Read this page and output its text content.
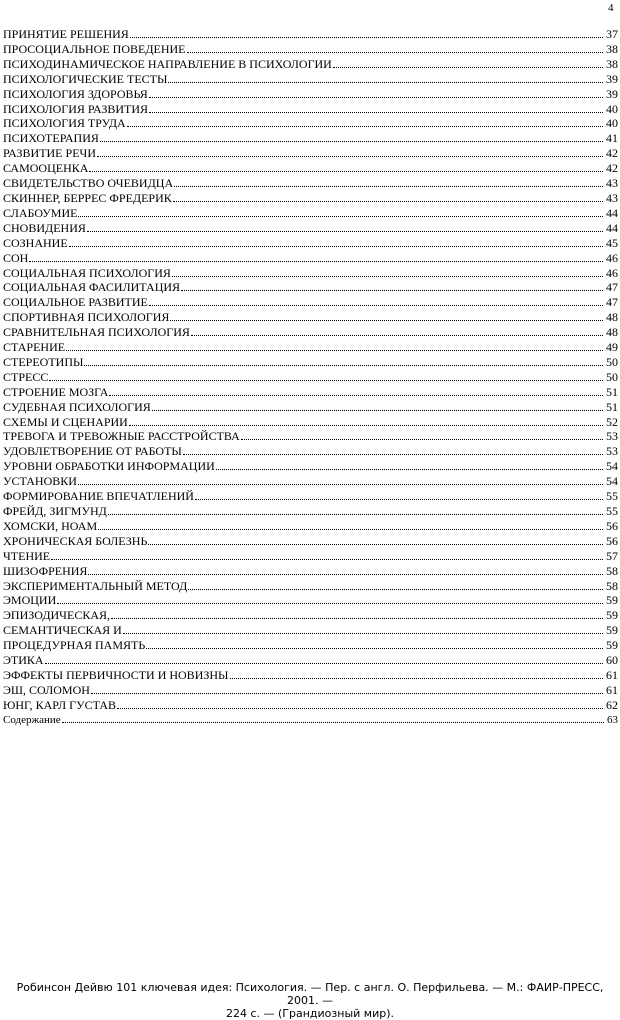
4
ПРИНЯТИЕ РЕШЕНИЯ	37
ПРОСОЦИАЛЬНОЕ ПОВЕДЕНИЕ	38
ПСИХОДИНАМИЧЕСКОЕ НАПРАВЛЕНИЕ В ПСИХОЛОГИИ	38
ПСИХОЛОГИЧЕСКИЕ ТЕСТЫ	39
ПСИХОЛОГИЯ ЗДОРОВЬЯ	39
ПСИХОЛОГИЯ РАЗВИТИЯ	40
ПСИХОЛОГИЯ ТРУДА	40
ПСИХОТЕРАПИЯ	41
РАЗВИТИЕ РЕЧИ	42
САМООЦЕНКА	42
СВИДЕТЕЛЬСТВО ОЧЕВИДЦА	43
СКИННЕР, БЕРРЕС ФРЕДЕРИК	43
СЛАБОУМИЕ	44
СНОВИДЕНИЯ	44
СОЗНАНИЕ	45
СОН	46
СОЦИАЛЬНАЯ ПСИХОЛОГИЯ	46
СОЦИАЛЬНАЯ ФАСИЛИТАЦИЯ	47
СОЦИАЛЬНОЕ РАЗВИТИЕ	47
СПОРТИВНАЯ ПСИХОЛОГИЯ	48
СРАВНИТЕЛЬНАЯ ПСИХОЛОГИЯ	48
СТАРЕНИЕ	49
СТЕРЕОТИПЫ	50
СТРЕСС	50
СТРОЕНИЕ МОЗГА	51
СУДЕБНАЯ ПСИХОЛОГИЯ	51
СХЕМЫ И СЦЕНАРИИ	52
ТРЕВОГА И ТРЕВОЖНЫЕ РАССТРОЙСТВА	53
УДОВЛЕТВОРЕНИЕ ОТ РАБОТЫ	53
УРОВНИ ОБРАБОТКИ ИНФОРМАЦИИ	54
УСТАНОВКИ	54
ФОРМИРОВАНИЕ ВПЕЧАТЛЕНИЙ	55
ФРЕЙД, ЗИГМУНД	55
ХОМСКИ, НОАМ	56
ХРОНИЧЕСКАЯ БОЛЕЗНЬ	56
ЧТЕНИЕ	57
ШИЗОФРЕНИЯ	58
ЭКСПЕРИМЕНТАЛЬНЫЙ МЕТОД	58
ЭМОЦИИ	59
ЭПИЗОДИЧЕСКАЯ,	59
СЕМАНТИЧЕСКАЯ И	59
ПРОЦЕДУРНАЯ ПАМЯТЬ	59
ЭТИКА	60
ЭФФЕКТЫ ПЕРВИЧНОСТИ И НОВИЗНЫ	61
ЭШ, СОЛОМОН	61
ЮНГ, КАРЛ ГУСТАВ	62
Содержание	63
Робинсон Дейвю 101 ключевая идея: Психология. — Пер. с англ. О. Перфильева. — М.: ФАИР-ПРЕСС, 2001. —
224 с. — (Грандиозный мир).
